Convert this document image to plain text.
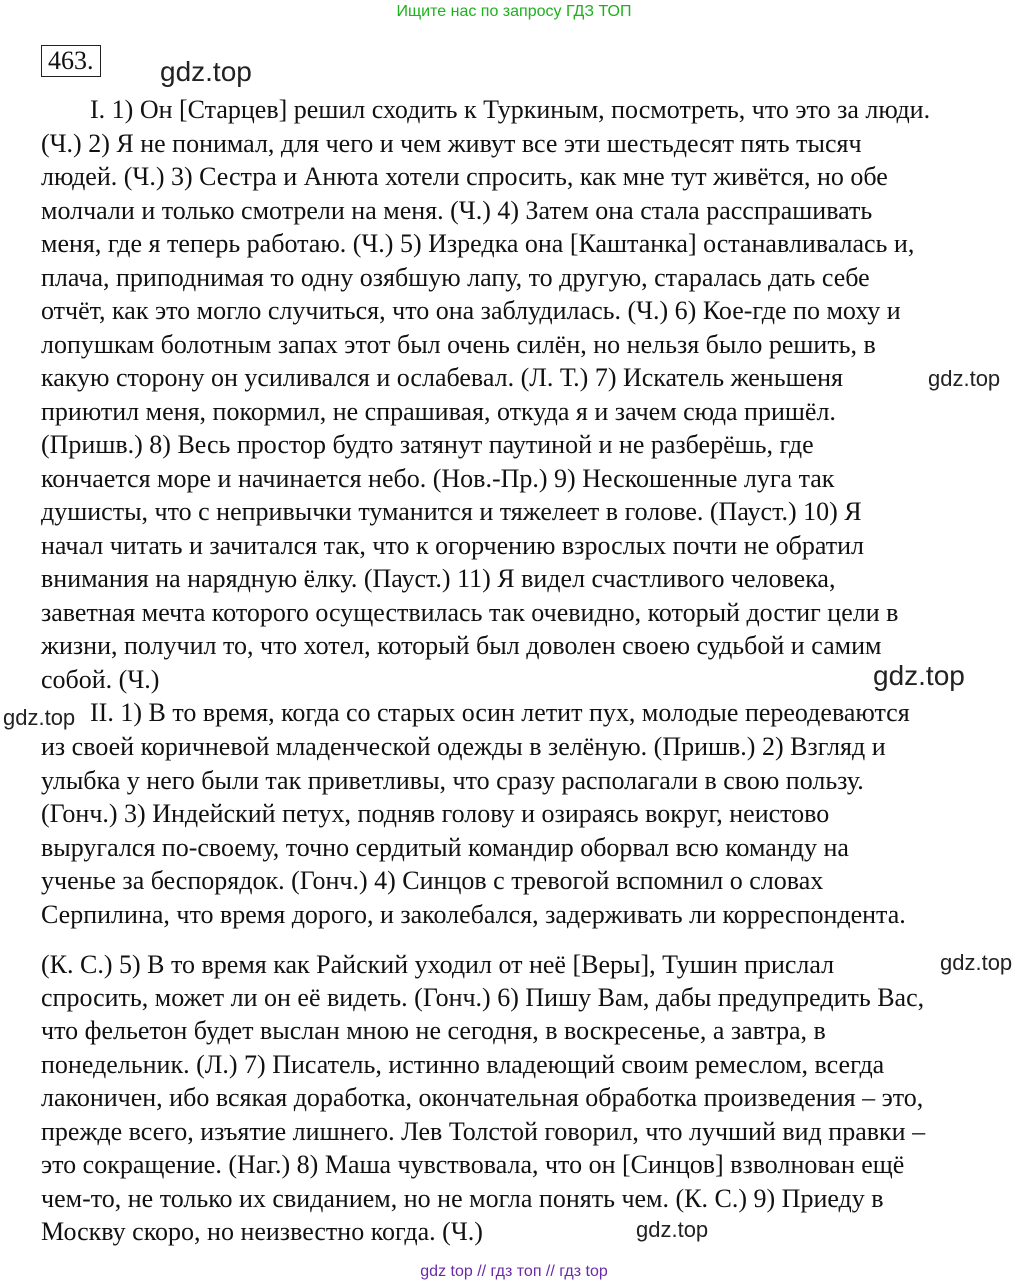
Ищите нас по запросу ГДЗ ТОП
463. gdz.top
gdz.top
gdz.top
gdz.top
gdz.top
gdz.top
I. 1) Он [Старцев] решил сходить к Туркиным, посмотреть, что это за люди.
(Ч.) 2) Я не понимал, для чего и чем живут все эти шестьдесят пять тысяч
людей. (Ч.) 3) Сестра и Анюта хотели спросить, как мне тут живётся, но обе
молчали и только смотрели на меня. (Ч.) 4) Затем она стала расспрашивать
меня, где я теперь работаю. (Ч.) 5) Изредка она [Каштанка] останавливалась и,
плача, приподнимая то одну озябшую лапу, то другую, старалась дать себе
отчёт, как это могло случиться, что она заблудилась. (Ч.) 6) Кое-где по моху и
лопушкам болотным запах этот был очень силён, но нельзя было решить, в
какую сторону он усиливался и ослабевал. (Л. Т.) 7) Искатель женьшеня
приютил меня, покормил, не спрашивая, откуда я и зачем сюда пришёл.
(Пришв.) 8) Весь простор будто затянут паутиной и не разберёшь, где
кончается море и начинается небо. (Нов.-Пр.) 9) Нескошенные луга так
душисты, что с непривычки туманится и тяжелеет в голове. (Пауст.) 10) Я
начал читать и зачитался так, что к огорчению взрослых почти не обратил
внимания на нарядную ёлку. (Пауст.) 11) Я видел счастливого человека,
заветная мечта которого осуществилась так очевидно, который достиг цели в
жизни, получил то, что хотел, который был доволен своею судьбой и самим
собой. (Ч.)
II. 1) В то время, когда со старых осин летит пух, молодые переодеваются
из своей коричневой младенческой одежды в зелёную. (Пришв.) 2) Взгляд и
улыбка у него были так приветливы, что сразу располагали в свою пользу.
(Гонч.) 3) Индейский петух, подняв голову и озираясь вокруг, неистово
выругался по-своему, точно сердитый командир оборвал всю команду на
ученье за беспорядок. (Гонч.) 4) Синцов с тревогой вспомнил о словах
Серпилина, что время дорого, и заколебался, задерживать ли корреспондента.
(К. С.) 5) В то время как Райский уходил от неё [Веры], Тушин прислал
спросить, может ли он её видеть. (Гонч.) 6) Пишу Вам, дабы предупредить Вас,
что фельетон будет выслан мною не сегодня, в воскресенье, а завтра, в
понедельник. (Л.) 7) Писатель, истинно владеющий своим ремеслом, всегда
лаконичен, ибо всякая доработка, окончательная обработка произведения – это,
прежде всего, изъятие лишнего. Лев Толстой говорил, что лучший вид правки –
это сокращение. (Наг.) 8) Маша чувствовала, что он [Синцов] взволнован ещё
чем-то, не только их свиданием, но не могла понять чем. (К. С.) 9) Приеду в
Москву скоро, но неизвестно когда. (Ч.)
gdz top // гдз топ // гдз top
